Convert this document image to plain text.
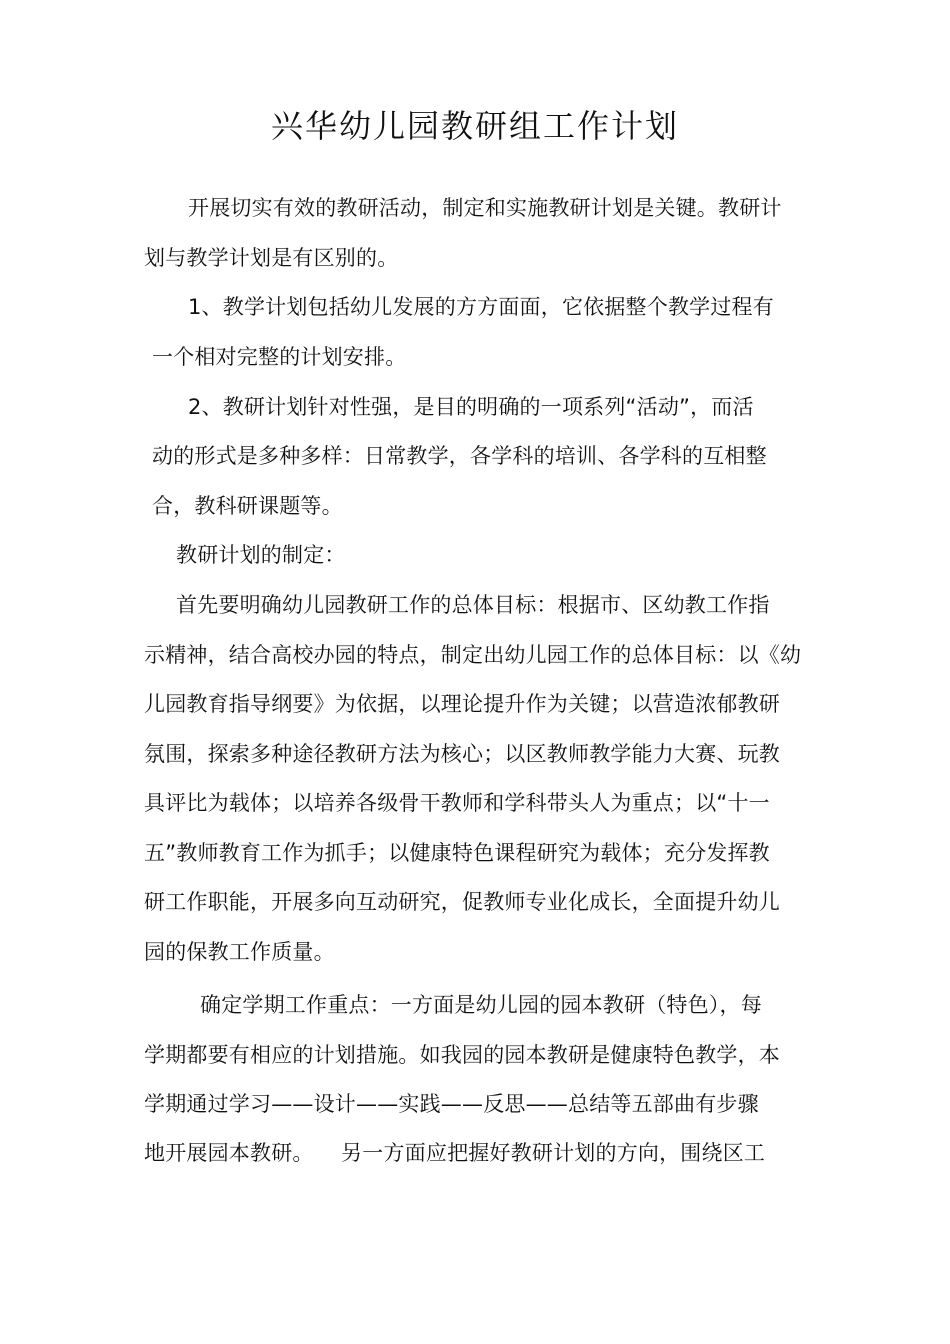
兴华幼儿园教研组工作计划
开展切实有效的教研活动，制定和实施教研计划是关键。教研计
划与教学计划是有区别的。
1、教学计划包括幼儿发展的方方面面，它依据整个教学过程有
一个相对完整的计划安排。
2、教研计划针对性强，是目的明确的一项系列“活动”，而活
动的形式是多种多样：日常教学，各学科的培训、各学科的互相整
合，教科研课题等。
教研计划的制定：
首先要明确幼儿园教研工作的总体目标：根据市、区幼教工作指
示精神，结合高校办园的特点，制定出幼儿园工作的总体目标：以《幼
儿园教育指导纲要》为依据，以理论提升作为关键；以营造浓郁教研
氛围，探索多种途径教研方法为核心；以区教师教学能力大赛、玩教
具评比为载体；以培养各级骨干教师和学科带头人为重点；以“十一
五”教师教育工作为抓手；以健康特色课程研究为载体；充分发挥教
研工作职能，开展多向互动研究，促教师专业化成长，全面提升幼儿
园的保教工作质量。
确定学期工作重点：一方面是幼儿园的园本教研（特色），每
学期都要有相应的计划措施。如我园的园本教研是健康特色教学，本
学期通过学习——设计——实践——反思——总结等五部曲有步骤
地开展园本教研。    另一方面应把握好教研计划的方向，围绕区工
